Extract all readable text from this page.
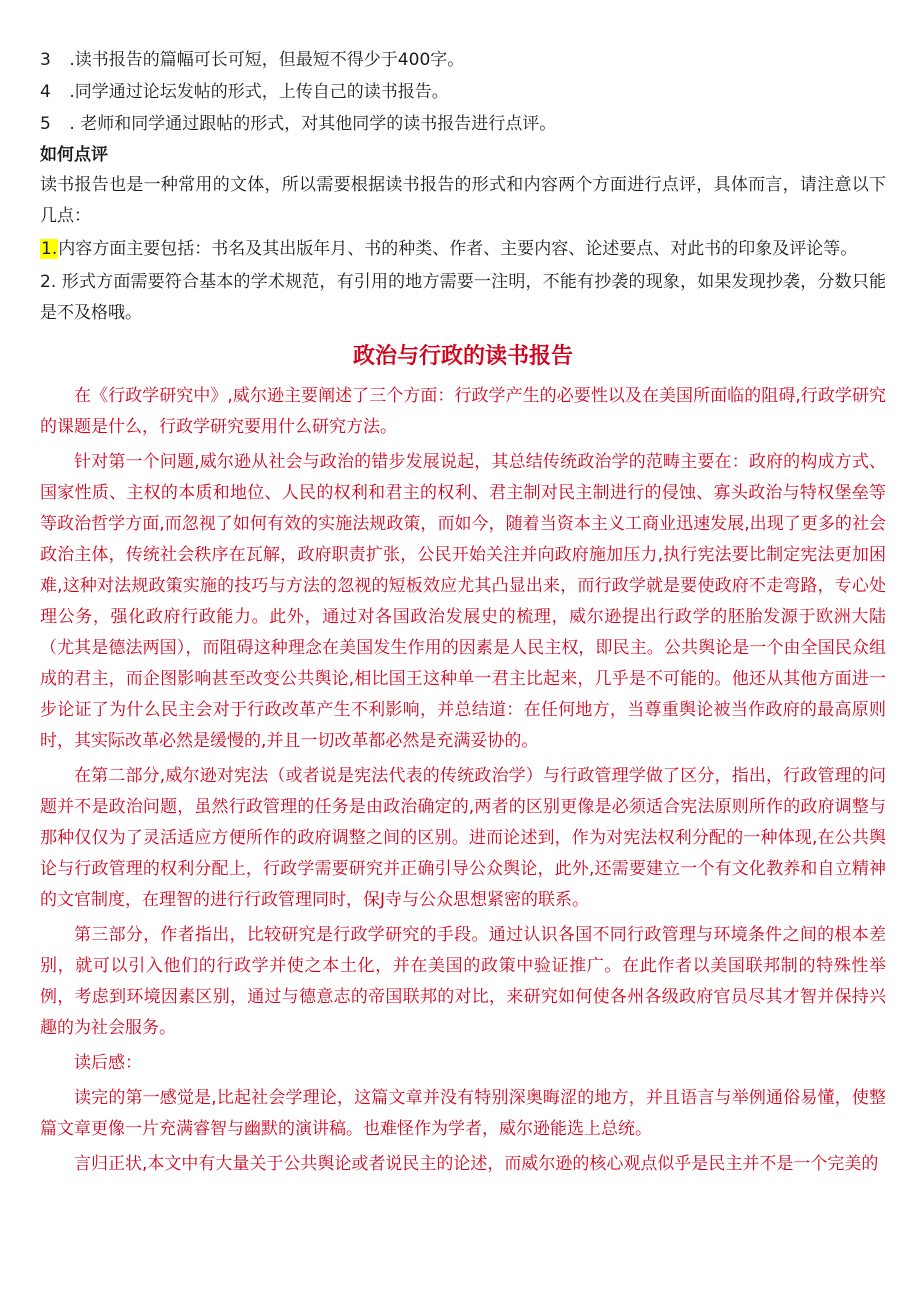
3 .读书报告的篇幅可长可短，但最短不得少于400字。

4 .同学通过论坛发帖的形式，上传自己的读书报告。

5 . 老师和同学通过跟帖的形式，对其他同学的读书报告进行点评。

如何点评

读书报告也是一种常用的文体，所以需要根据读书报告的形式和内容两个方面进行点评，具体而言，请注意以下几点：

1.内容方面主要包括：书名及其出版年月、书的种类、作者、主要内容、论述要点、对此书的印象及评论等。

2. 形式方面需要符合基本的学术规范，有引用的地方需要一注明，不能有抄袭的现象，如果发现抄袭，分数只能是不及格哦。

政治与行政的读书报告

在《行政学研究中》,威尔逊主要阐述了三个方面：行政学产生的必要性以及在美国所面临的阻碍,行政学研究的课题是什么，行政学研究要用什么研究方法。

针对第一个问题,威尔逊从社会与政治的错步发展说起，其总结传统政治学的范畴主要在：政府的构成方式、国家性质、主权的本质和地位、人民的权利和君主的权利、君主制对民主制进行的侵蚀、寡头政治与特权堡垒等等政治哲学方面,而忽视了如何有效的实施法规政策，而如今，随着当资本主义工商业迅速发展,出现了更多的社会政治主体，传统社会秩序在瓦解，政府职责扩张，公民开始关注并向政府施加压力,执行宪法要比制定宪法更加困难,这种对法规政策实施的技巧与方法的忽视的短板效应尤其凸显出来，而行政学就是要使政府不走弯路，专心处理公务，强化政府行政能力。此外，通过对各国政治发展史的梳理，威尔逊提出行政学的胚胎发源于欧洲大陆（尤其是德法两国），而阻碍这种理念在美国发生作用的因素是人民主权，即民主。公共舆论是一个由全国民众组成的君主，而企图影响甚至改变公共舆论,相比国王这种单一君主比起来，几乎是不可能的。他还从其他方面进一步论证了为什么民主会对于行政改革产生不利影响，并总结道：在任何地方，当尊重舆论被当作政府的最高原则时，其实际改革必然是缓慢的,并且一切改革都必然是充满妥协的。

在第二部分,威尔逊对宪法（或者说是宪法代表的传统政治学）与行政管理学做了区分，指出，行政管理的问题并不是政治问题，虽然行政管理的任务是由政治确定的,两者的区别更像是必须适合宪法原则所作的政府调整与那种仅仅为了灵活适应方便所作的政府调整之间的区别。进而论述到，作为对宪法权利分配的一种体现,在公共舆论与行政管理的权利分配上，行政学需要研究并正确引导公众舆论，此外,还需要建立一个有文化教养和自立精神的文官制度，在理智的进行行政管理同时，保J寺与公众思想紧密的联系。

第三部分，作者指出，比较研究是行政学研究的手段。通过认识各国不同行政管理与环境条件之间的根本差别，就可以引入他们的行政学并使之本土化，并在美国的政策中验证推广。在此作者以美国联邦制的特殊性举例，考虑到环境因素区别，通过与德意志的帝国联邦的对比，来研究如何使各州各级政府官员尽其才智并保持兴趣的为社会服务。

读后感：

读完的第一感觉是,比起社会学理论，这篇文章并没有特别深奥晦涩的地方，并且语言与举例通俗易懂，使整篇文章更像一片充满睿智与幽默的演讲稿。也难怪作为学者，威尔逊能选上总统。

言归正状,本文中有大量关于公共舆论或者说民主的论述，而威尔逊的核心观点似乎是民主并不是一个完美的
